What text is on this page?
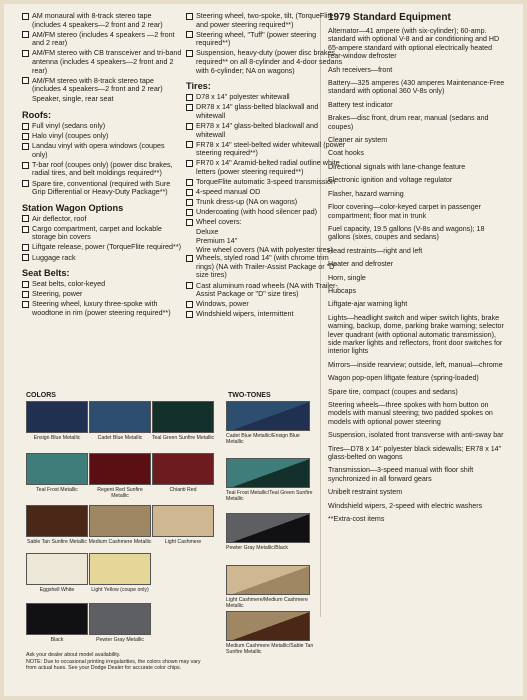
AM monaural with 8-track stereo tape (includes 4 speakers—2 front and 2 rear)
AM/FM stereo (includes 4 speakers —2 front and 2 rear)
AM/FM stereo with CB transceiver and tri-band antenna (includes 4 speakers—2 front and 2 rear)
AM/FM stereo with 8-track stereo tape (includes 4 speakers—2 front and 2 rear)
Speaker, single, rear seat
Roofs:
Full vinyl (sedans only)
Halo vinyl (coupes only)
Landau vinyl with opera windows (coupes only)
T-bar roof (coupes only) (power disc brakes, radial tires, and belt moldings required**)
Spare tire, conventional (required with Sure Grip Differential or Heavy-Duty Package**)
Station Wagon Options
Air deflector, roof
Cargo compartment, carpet and lockable storage bin covers
Liftgate release, power (TorqueFlite required**)
Luggage rack
Seat Belts:
Seat belts, color-keyed
Steering, power
Steering wheel, luxury three-spoke with woodtone in rim (power steering required**)
Steering wheel, two-spoke, tilt, (TorqueFlite and power steering required**)
Steering wheel, "Tuff" (power steering required**)
Suspension, heavy-duty (power disc brakes required** on all 8-cylinder and 4-door sedans with 6-cylinder; NA on wagons)
Tires:
D78 x 14" polyester whitewall
DR78 x 14" glass-belted blackwall and whitewall
ER78 x 14" glass-belted blackwall and whitewall
FR78 x 14" steel-belted wider whitewall (power steering required**)
FR70 x 14" Aramid-belted radial outline white letters (power steering required**)
TorqueFlite automatic 3-speed transmission
4-speed manual OD
Trunk dress-up (NA on wagons)
Undercoating (with hood silencer pad)
Wheel covers:
Deluxe
Premium 14"
Wire wheel covers (NA with polyester tires)
Wheels, styled road 14" (with chrome trim rings) (NA with Trailer-Assist Package or "D" size tires)
Cast aluminum road wheels (NA with Trailer-Assist Package or "D" size tires)
Windows, power
Windshield wipers, intermittent
1979 Standard Equipment
Alternator—41 ampere (with six-cylinder); 60-amp. standard with optional V-8 and air conditioning and HD 65-ampere standard with optional electrically heated rear-window defroster
Ash receivers—front
Battery—325 amperes (430 amperes Maintenance-Free standard with optional 360 V-8s only)
Battery test indicator
Brakes—disc front, drum rear, manual (sedans and coupes)
Cleaner air system
Coat hooks
Directional signals with lane-change feature
Electronic ignition and voltage regulator
Flasher, hazard warning
Floor covering—color-keyed carpet in passenger compartment; floor mat in trunk
Fuel capacity, 19.5 gallons (V-8s and wagons); 18 gallons (sixes, coupes and sedans)
Head restraints—right and left
Heater and defroster
Horn, single
Hubcaps
Liftgate-ajar warning light
Lights—headlight switch and wiper switch lights, brake warning, backup, dome, parking brake warning; selector lever quadrant (with optional automatic transmission), side marker lights and reflectors, front door switches for interior lights
Mirrors—inside rearview; outside, left, manual—chrome
Wagon pop-open liftgate feature (spring-loaded)
Spare tire, compact (coupes and sedans)
Steering wheels—three spokes with horn button on models with manual steering; two padded spokes on models with optional power steering
Suspension, isolated front transverse with anti-sway bar
Tires—D78 x 14" polyester black sidewalls; ER78 x 14" glass-belted on wagons
Transmission—3-speed manual with floor shift synchronized in all forward gears
Unibelt restraint system
Windshield wipers, 2-speed with electric washers
**Extra-cost items
COLORS
Ensign Blue Metallic	Cadet Blue Metallic	Teal Green Sunfire Metallic
Teal Frost Metallic	Regent Red Sunfire Metallic
Chianti Red
Sable Tan Sunfire Metallic Medium Cashmere Metallic	Light Cashmere
Eggshell White	Light Yellow (coupe only)
Black	Pewter Gray Metallic
TWO-TONES
Cadet Blue Metallic/Ensign Blue Metallic
Teal Frost Metallic/Teal Green Sunfire Metallic
Pewter Gray Metallic/Black
Light Cashmere/Medium Cashmere Metallic
Medium Cashmere Metallic/Sable Tan Sunfire Metallic
Ask your dealer about model availability.
NOTE: Due to occasional printing irregularities, the colors shown may vary
from actual hues. See your Dodge Dealer for accurate color chips.
